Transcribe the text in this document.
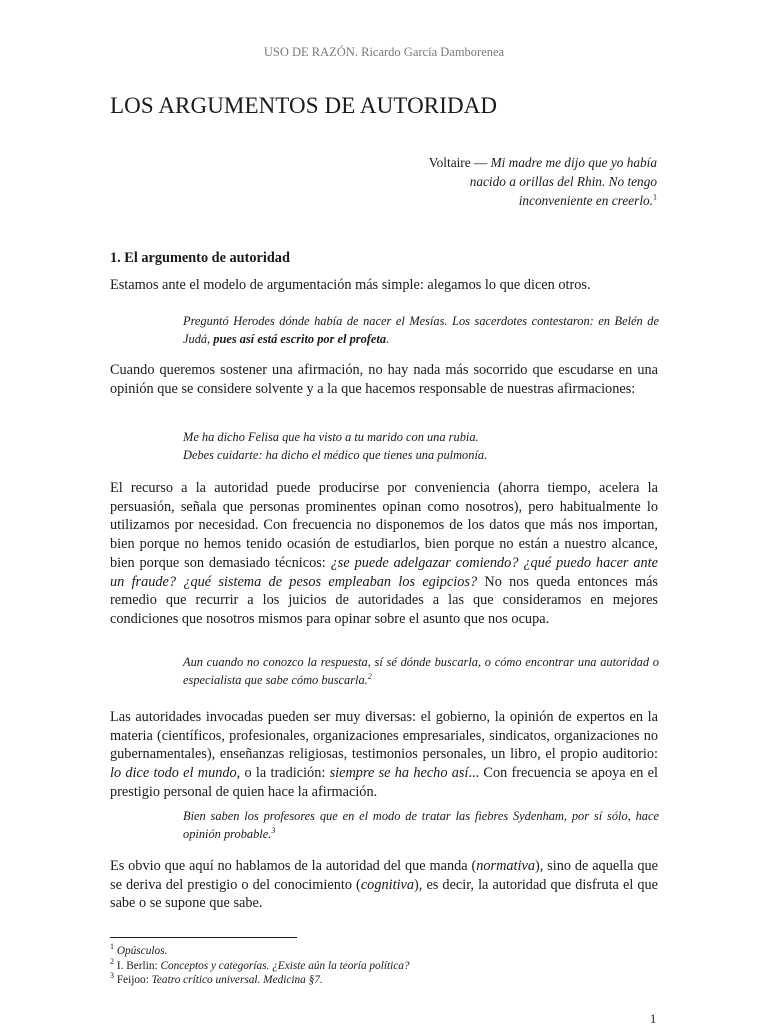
USO DE RAZÓN. Ricardo García Damborenea
LOS ARGUMENTOS DE AUTORIDAD
Voltaire — Mi madre me dijo que yo había
nacido a orillas del Rhin. No tengo
inconveniente en creerlo.$^1$
1. El argumento de autoridad

Estamos ante el modelo de argumentación más simple: alegamos lo que dicen otros.

Preguntó Herodes dónde había de nacer el Mesías. Los sacerdotes contestaron: en Belén de Judá, pues así está escrito por el profeta.

Cuando queremos sostener una afirmación, no hay nada más socorrido que escudarse en una opinión que se considere solvente y a la que hacemos responsable de nuestras afirmaciones:

Me ha dicho Felisa que ha visto a tu marido con una rubia.
Debes cuidarte: ha dicho el médico que tienes una pulmonía.

El recurso a la autoridad puede producirse por conveniencia (ahorra tiempo, acelera la persuasión, señala que personas prominentes opinan como nosotros), pero habitualmente lo utilizamos por necesidad. Con frecuencia no disponemos de los datos que más nos importan, bien porque no hemos tenido ocasión de estudiarlos, bien porque no están a nuestro alcance, bien porque son demasiado técnicos: ¿se puede adelgazar comiendo? ¿qué puedo hacer ante un fraude? ¿qué sistema de pesos empleaban los egipcios? No nos queda entonces más remedio que recurrir a los juicios de autoridades a las que consideramos en mejores condiciones que nosotros mismos para opinar sobre el asunto que nos ocupa.

Aun cuando no conozco la respuesta, sí sé dónde buscarla, o cómo encontrar una autoridad o especialista que sabe cómo buscarla.$^2$

Las autoridades invocadas pueden ser muy diversas: el gobierno, la opinión de expertos en la materia (científicos, profesionales, organizaciones empresariales, sindicatos, organizaciones no gubernamentales), enseñanzas religiosas, testimonios personales, un libro, el propio auditorio: lo dice todo el mundo, o la tradición: siempre se ha hecho así... Con frecuencia se apoya en el prestigio personal de quien hace la afirmación.

Bien saben los profesores que en el modo de tratar las fiebres Sydenham, por sí sólo, hace opinión probable.$^3$

Es obvio que aquí no hablamos de la autoridad del que manda (normativa), sino de aquella que se deriva del prestigio o del conocimiento (cognitiva), es decir, la autoridad que disfruta el que sabe o se supone que sabe.

$^1$ Opúsculos.
$^2$ I. Berlin: Conceptos y categorías. ¿Existe aún la teoría política?
$^3$ Feijoo: Teatro crítico universal. Medicina §7.
1
